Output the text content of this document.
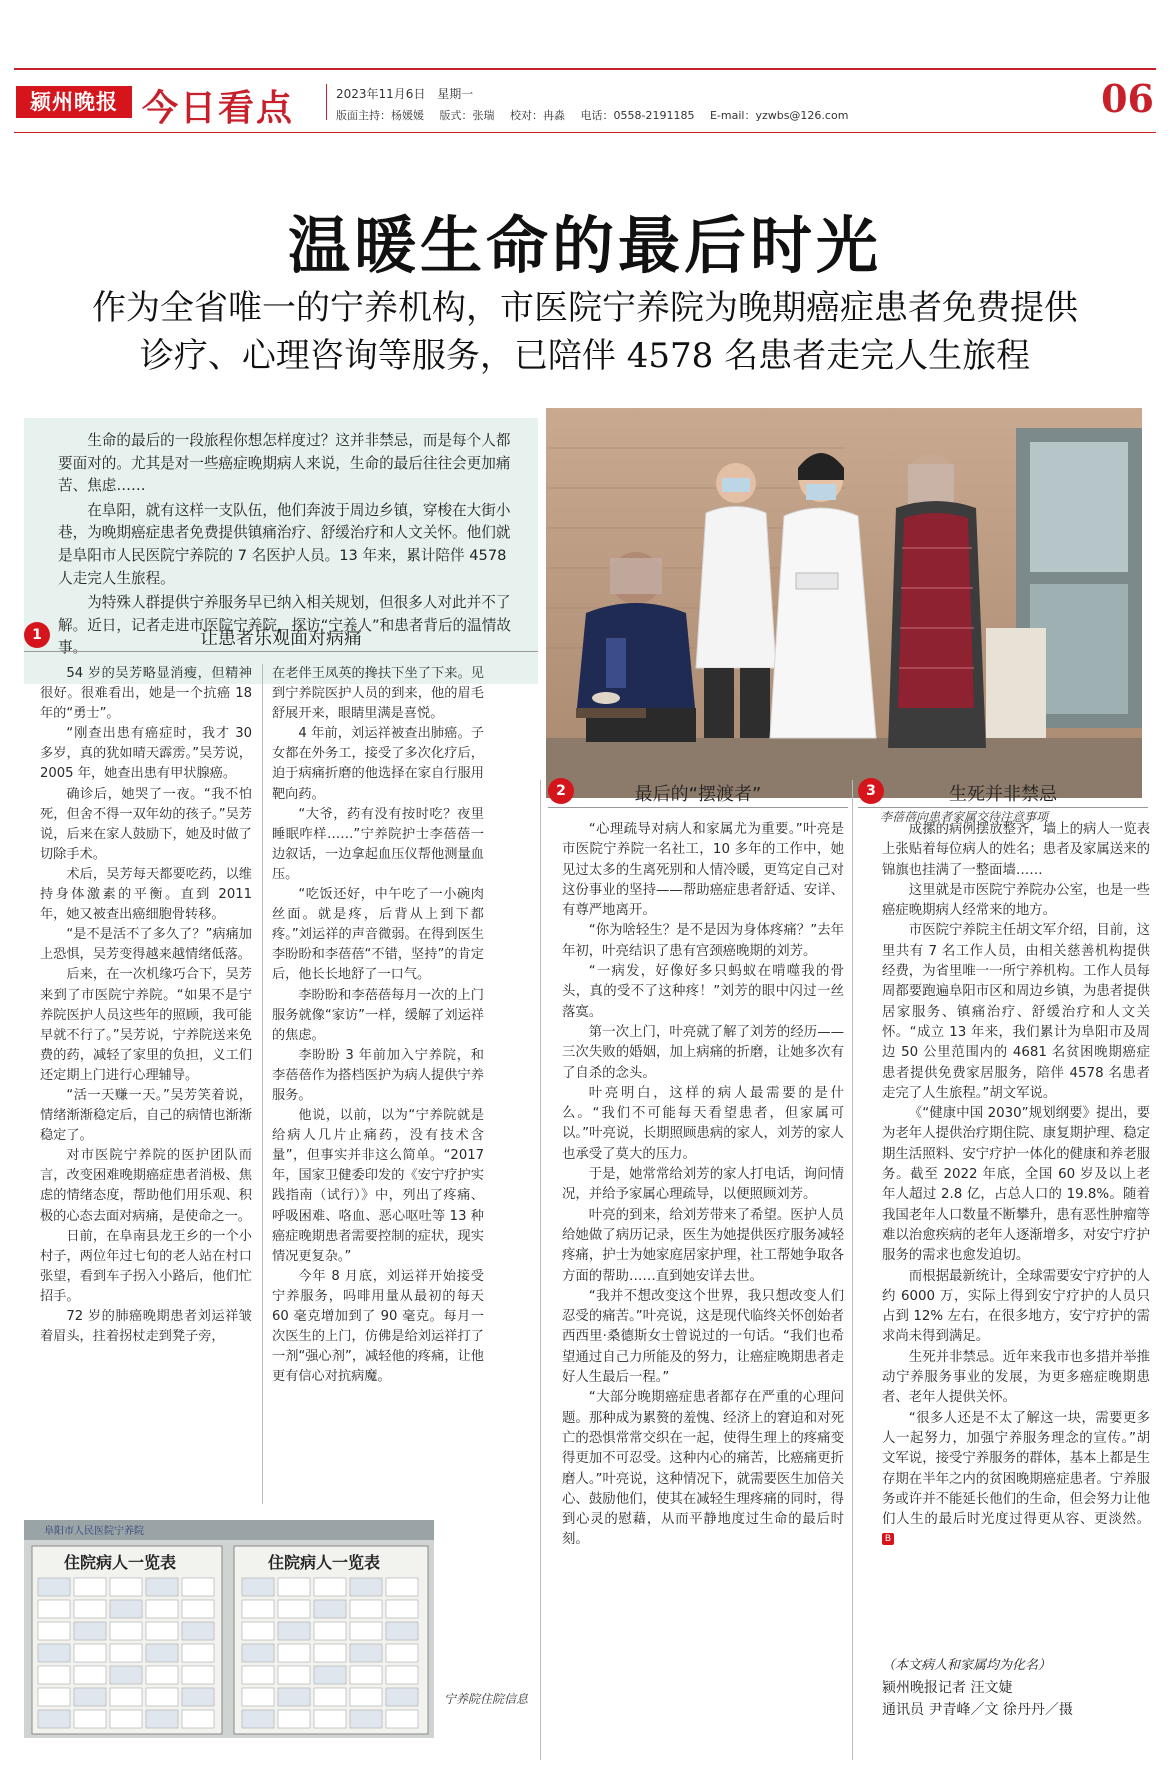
颍州晚报 今日看点	2023年11月6日 星期一
版面主持：杨媛媛 版式：张瑞 校对：冉淼 电话：0558-2191185 E-mail：yzwbs@126.com	06
温暖生命的最后时光
作为全省唯一的宁养机构，市医院宁养院为晚期癌症患者免费提供
诊疗、心理咨询等服务，已陪伴 4578 名患者走完人生旅程

生命的最后的一段旅程你想怎样度过？这并非禁忌，而是每个人都要面对的。尤其是对一些癌症晚期病人来说，生命的最后往往会更加痛苦、焦虑……

在阜阳，就有这样一支队伍，他们奔波于周边乡镇，穿梭在大街小巷，为晚期癌症患者免费提供镇痛治疗、舒缓治疗和人文关怀。他们就是阜阳市人民医院宁养院的 7 名医护人员。13 年来，累计陪伴 4578 人走完人生旅程。

为特殊人群提供宁养服务早已纳入相关规划，但很多人对此并不了解。近日，记者走进市医院宁养院，探访“宁养人”和患者背后的温情故事。

李蓓蓓向患者家属交待注意事项
1	让患者乐观面对病痛

54 岁的吴芳略显消瘦，但精神很好。很难看出，她是一个抗癌 18 年的“勇士”。

“刚查出患有癌症时，我才 30 多岁，真的犹如晴天霹雳。”吴芳说，2005 年，她查出患有甲状腺癌。

确诊后，她哭了一夜。“我不怕死，但舍不得一双年幼的孩子。”吴芳说，后来在家人鼓励下，她及时做了切除手术。

术后，吴芳每天都要吃药，以维持身体激素的平衡。直到 2011 年，她又被查出癌细胞骨转移。

“是不是活不了多久了？”病痛加上恐惧，吴芳变得越来越情绪低落。

后来，在一次机缘巧合下，吴芳来到了市医院宁养院。“如果不是宁养院医护人员这些年的照顾，我可能早就不行了。”吴芳说，宁养院送来免费的药，减轻了家里的负担，义工们还定期上门进行心理辅导。

“活一天赚一天。”吴芳笑着说，情绪渐渐稳定后，自己的病情也渐渐稳定了。

对市医院宁养院的医护团队而言，改变困难晚期癌症患者消极、焦虑的情绪态度，帮助他们用乐观、积极的心态去面对病痛，是使命之一。

日前，在阜南县龙王乡的一个小村子，两位年过七旬的老人站在村口张望，看到车子拐入小路后，他们忙招手。

72 岁的肺癌晚期患者刘运祥皱着眉头，拄着拐杖走到凳子旁，

在老伴王凤英的搀扶下坐了下来。见到宁养院医护人员的到来，他的眉毛舒展开来，眼睛里满是喜悦。

4 年前，刘运祥被查出肺癌。子女都在外务工，接受了多次化疗后，迫于病痛折磨的他选择在家自行服用靶向药。

“大爷，药有没有按时吃？夜里睡眠咋样……”宁养院护士李蓓蓓一边叙话，一边拿起血压仪帮他测量血压。

“吃饭还好，中午吃了一小碗肉丝面。就是疼，后背从上到下都疼。”刘运祥的声音微弱。在得到医生李盼盼和李蓓蓓“不错，坚持”的肯定后，他长长地舒了一口气。

李盼盼和李蓓蓓每月一次的上门服务就像“家访”一样，缓解了刘运祥的焦虑。

李盼盼 3 年前加入宁养院，和李蓓蓓作为搭档医护为病人提供宁养服务。

他说，以前，以为“宁养院就是给病人几片止痛药，没有技术含量”，但事实并非这么简单。“2017 年，国家卫健委印发的《安宁疗护实践指南（试行）》中，列出了疼痛、呼吸困难、咯血、恶心呕吐等 13 种癌症晚期患者需要控制的症状，现实情况更复杂。”

今年 8 月底，刘运祥开始接受宁养服务，吗啡用量从最初的每天 60 毫克增加到了 90 毫克。每月一次医生的上门，仿佛是给刘运祥打了一剂“强心剂”，减轻他的疼痛，让他更有信心对抗病魔。

阜阳市人民医院宁养院
住院病人一览表	住院病人一览表
宁养院住院信息
2	最后的“摆渡者”

“心理疏导对病人和家属尤为重要。”叶亮是市医院宁养院一名社工，10 多年的工作中，她见过太多的生离死别和人情冷暖，更笃定自己对这份事业的坚持——帮助癌症患者舒适、安详、有尊严地离开。

“你为啥轻生？是不是因为身体疼痛？”去年年初，叶亮结识了患有宫颈癌晚期的刘芳。

“一病发，好像好多只蚂蚁在啃噬我的骨头，真的受不了这种疼！”刘芳的眼中闪过一丝落寞。

第一次上门，叶亮就了解了刘芳的经历——三次失败的婚姻，加上病痛的折磨，让她多次有了自杀的念头。

叶亮明白，这样的病人最需要的是什么。“我们不可能每天看望患者，但家属可以。”叶亮说，长期照顾患病的家人，刘芳的家人也承受了莫大的压力。

于是，她常常给刘芳的家人打电话，询问情况，并给予家属心理疏导，以便照顾刘芳。

叶亮的到来，给刘芳带来了希望。医护人员给她做了病历记录，医生为她提供医疗服务减轻疼痛，护士为她家庭居家护理，社工帮她争取各方面的帮助……直到她安详去世。

“我并不想改变这个世界，我只想改变人们忍受的痛苦。”叶亮说，这是现代临终关怀创始者西西里·桑德斯女士曾说过的一句话。“我们也希望通过自己力所能及的努力，让癌症晚期患者走好人生最后一程。”

“大部分晚期癌症患者都存在严重的心理问题。那种成为累赘的羞愧、经济上的窘迫和对死亡的恐惧常常交织在一起，使得生理上的疼痛变得更加不可忍受。这种内心的痛苦，比癌痛更折磨人。”叶亮说，这种情况下，就需要医生加倍关心、鼓励他们，使其在减轻生理疼痛的同时，得到心灵的慰藉，从而平静地度过生命的最后时刻。

3	生死并非禁忌

成摞的病例摆放整齐，墙上的病人一览表上张贴着每位病人的姓名；患者及家属送来的锦旗也挂满了一整面墙……

这里就是市医院宁养院办公室，也是一些癌症晚期病人经常来的地方。

市医院宁养院主任胡文军介绍，目前，这里共有 7 名工作人员，由相关慈善机构提供经费，为省里唯一一所宁养机构。工作人员每周都要跑遍阜阳市区和周边乡镇，为患者提供居家服务、镇痛治疗、舒缓治疗和人文关怀。“成立 13 年来，我们累计为阜阳市及周边 50 公里范围内的 4681 名贫困晚期癌症患者提供免费家居服务，陪伴 4578 名患者走完了人生旅程。”胡文军说。

《“健康中国 2030”规划纲要》提出，要为老年人提供治疗期住院、康复期护理、稳定期生活照料、安宁疗护一体化的健康和养老服务。截至 2022 年底，全国 60 岁及以上老年人超过 2.8 亿，占总人口的 19.8%。随着我国老年人口数量不断攀升，患有恶性肿瘤等难以治愈疾病的老年人逐渐增多，对安宁疗护服务的需求也愈发迫切。

而根据最新统计，全球需要安宁疗护的人约 6000 万，实际上得到安宁疗护的人员只占到 12% 左右，在很多地方，安宁疗护的需求尚未得到满足。

生死并非禁忌。近年来我市也多措并举推动宁养服务事业的发展，为更多癌症晚期患者、老年人提供关怀。

“很多人还是不太了解这一块，需要更多人一起努力，加强宁养服务理念的宣传。”胡文军说，接受宁养服务的群体，基本上都是生存期在半年之内的贫困晚期癌症患者。宁养服务或许并不能延长他们的生命，但会努力让他们人生的最后时光度过得更从容、更淡然。 B

（本文病人和家属均为化名）
颍州晚报记者 汪文婕
通讯员 尹青峰／文 徐丹丹／摄
